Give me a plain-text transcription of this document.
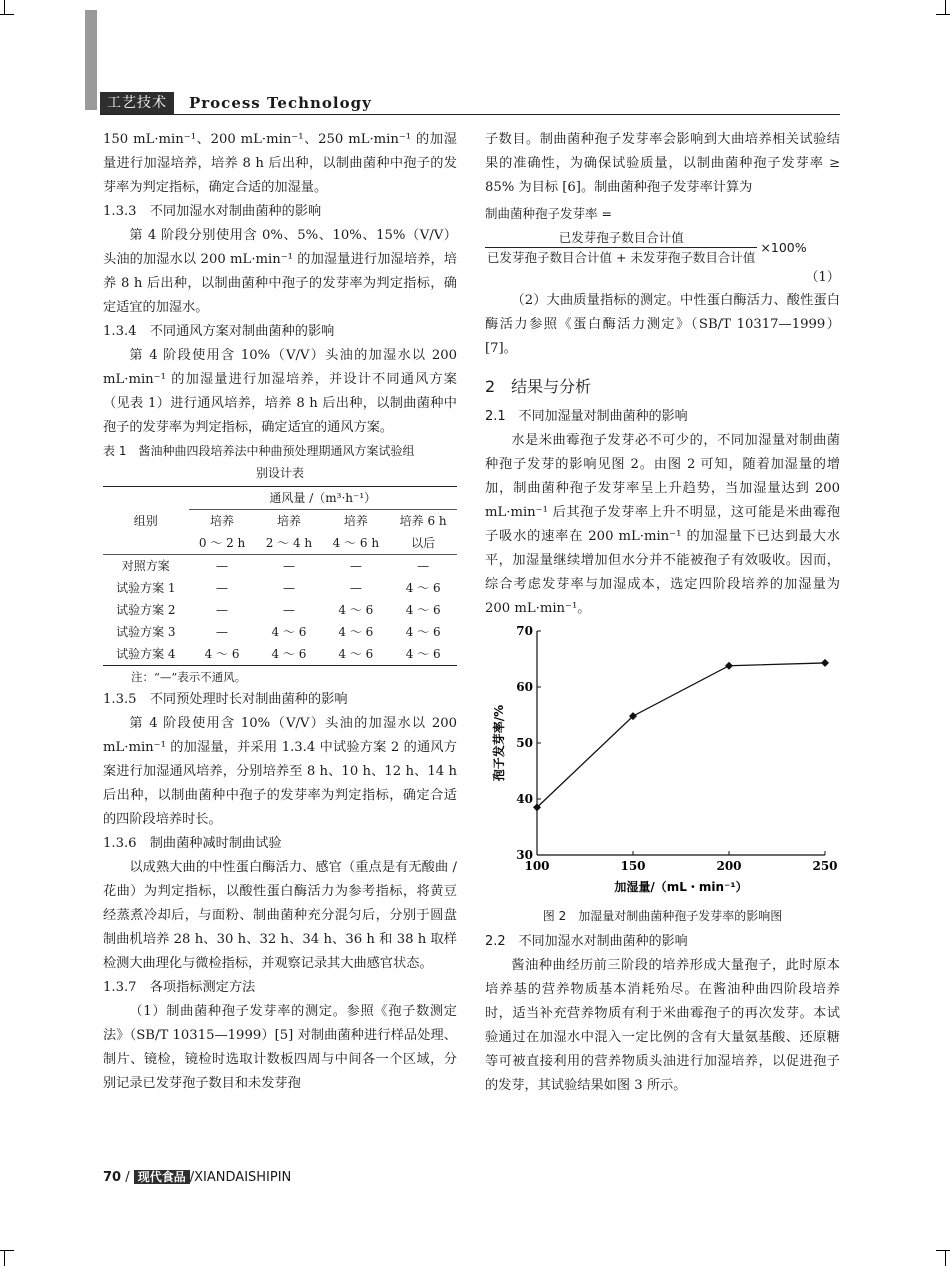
工艺技术	Process Technology

150 mL·min⁻¹、200 mL·min⁻¹、250 mL·min⁻¹ 的加湿量进行加湿培养，培养 8 h 后出种，以制曲菌种中孢子的发芽率为判定指标，确定合适的加湿量。

1.3.3　不同加湿水对制曲菌种的影响

第 4 阶段分别使用含 0%、5%、10%、15%（V/V）头油的加湿水以 200 mL·min⁻¹ 的加湿量进行加湿培养，培养 8 h 后出种，以制曲菌种中孢子的发芽率为判定指标，确定适宜的加湿水。

1.3.4　不同通风方案对制曲菌种的影响

第 4 阶段使用含 10%（V/V）头油的加湿水以 200 mL·min⁻¹ 的加湿量进行加湿培养，并设计不同通风方案（见表 1）进行通风培养，培养 8 h 后出种，以制曲菌种中孢子的发芽率为判定指标，确定适宜的通风方案。

表 1　酱油种曲四段培养法中种曲预处理期通风方案试验组
别设计表
组别	通风量 /（m³·h⁻¹）			
	培养	培养	培养	培养 6 h
	0 ～ 2 h	2 ～ 4 h	4 ～ 6 h	以后
对照方案	—	—	—	—
试验方案 1	—	—	—	4 ～ 6
试验方案 2	—	—	4 ～ 6	4 ～ 6
试验方案 3	—	4 ～ 6	4 ～ 6	4 ～ 6
试验方案 4	4 ～ 6	4 ～ 6	4 ～ 6	4 ～ 6
注：“—”表示不通风。

1.3.5　不同预处理时长对制曲菌种的影响

第 4 阶段使用含 10%（V/V）头油的加湿水以 200 mL·min⁻¹ 的加湿量，并采用 1.3.4 中试验方案 2 的通风方案进行加湿通风培养，分别培养至 8 h、10 h、12 h、14 h 后出种，以制曲菌种中孢子的发芽率为判定指标，确定合适的四阶段培养时长。

1.3.6　制曲菌种减时制曲试验

以成熟大曲的中性蛋白酶活力、感官（重点是有无酸曲 / 花曲）为判定指标，以酸性蛋白酶活力为参考指标，将黄豆经蒸煮冷却后，与面粉、制曲菌种充分混匀后，分别于圆盘制曲机培养 28 h、30 h、32 h、34 h、36 h 和 38 h 取样检测大曲理化与微检指标，并观察记录其大曲感官状态。

1.3.7　各项指标测定方法

（1）制曲菌种孢子发芽率的测定。参照《孢子数测定法》（SB/T 10315—1999）[5] 对制曲菌种进行样品处理、制片、镜检，镜检时选取计数板四周与中间各一个区域，分别记录已发芽孢子数目和未发芽孢

子数目。制曲菌种孢子发芽率会影响到大曲培养相关试验结果的准确性，为确保试验质量，以制曲菌种孢子发芽率 ≥ 85% 为目标 [6]。制曲菌种孢子发芽率计算为

制曲菌种孢子发芽率 =
$\frac{\text{已发芽孢子数目合计值}}{\text{已发芽孢子数目合计值 + 未发芽孢子数目合计值}} \times 100\%$
（1）

（2）大曲质量指标的测定。中性蛋白酶活力、酸性蛋白酶活力参照《蛋白酶活力测定》（SB/T 10317—1999）[7]。

2　结果与分析

2.1　不同加湿量对制曲菌种的影响

水是米曲霉孢子发芽必不可少的，不同加湿量对制曲菌种孢子发芽的影响见图 2。由图 2 可知，随着加湿量的增加，制曲菌种孢子发芽率呈上升趋势，当加湿量达到 200 mL·min⁻¹ 后其孢子发芽率上升不明显，这可能是米曲霉孢子吸水的速率在 200 mL·min⁻¹ 的加湿量下已达到最大水平，加湿量继续增加但水分并不能被孢子有效吸收。因而，综合考虑发芽率与加湿成本，选定四阶段培养的加湿量为 200 mL·min⁻¹。

100	150	200	250
30
40
50
60
70
加湿量/（mL・min⁻¹）
孢子发芽率/%
图 2　加湿量对制曲菌种孢子发芽率的影响图

2.2　不同加湿水对制曲菌种的影响

酱油种曲经历前三阶段的培养形成大量孢子，此时原本培养基的营养物质基本消耗殆尽。在酱油种曲四阶段培养时，适当补充营养物质有利于米曲霉孢子的再次发芽。本试验通过在加湿水中混入一定比例的含有大量氨基酸、还原糖等可被直接利用的营养物质头油进行加湿培养，以促进孢子的发芽，其试验结果如图 3 所示。

70 / 现代食品 /XIANDAISHIPIN
